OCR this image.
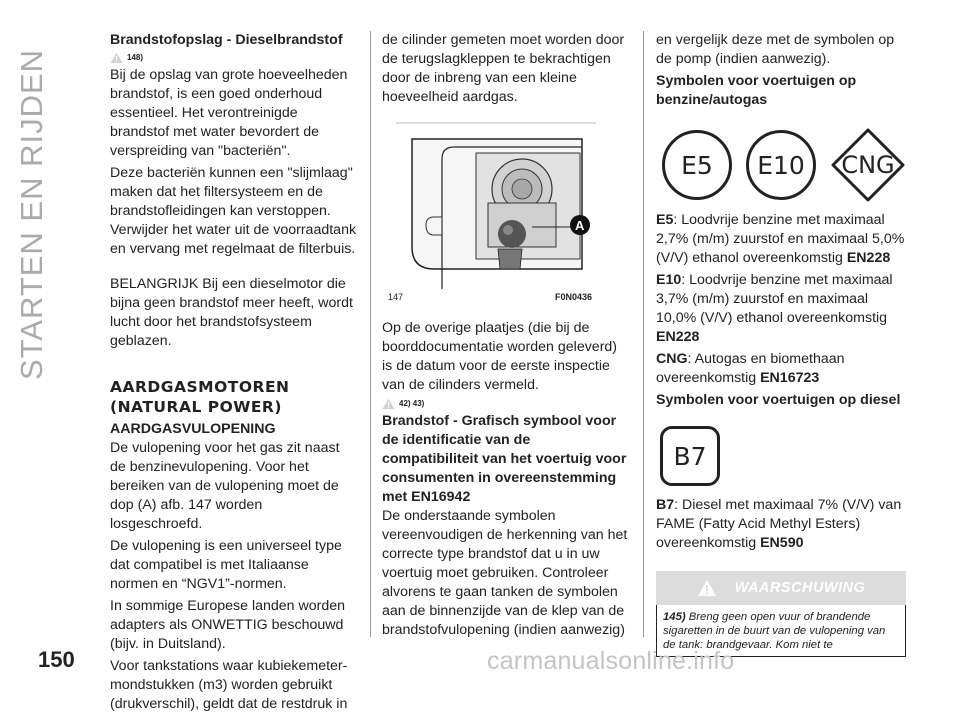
STARTEN EN RIJDEN

Brandstofopslag - Dieselbrandstof

148)

Bij de opslag van grote hoeveelheden brandstof, is een goed onderhoud essentieel. Het verontreinigde brandstof met water bevordert de verspreiding van "bacteriën".

Deze bacteriën kunnen een "slijmlaag" maken dat het filtersysteem en de brandstofleidingen kan verstoppen. Verwijder het water uit de voorraadtank en vervang met regelmaat de filterbuis.

BELANGRIJK Bij een dieselmotor die bijna geen brandstof meer heeft, wordt lucht door het brandstofsysteem geblazen.

AARDGASMOTOREN (NATURAL POWER)

AARDGASVULOPENING

De vulopening voor het gas zit naast de benzinevulopening. Voor het bereiken van de vulopening moet de dop (A) afb. 147 worden losgeschroefd.

De vulopening is een universeel type dat compatibel is met Italiaanse normen en “NGV1”-normen.

In sommige Europese landen worden adapters als ONWETTIG beschouwd (bijv. in Duitsland).

Voor tankstations waar kubiekemeter-mondstukken (m3) worden gebruikt (drukverschil), geldt dat de restdruk in

de cilinder gemeten moet worden door de terugslagkleppen te bekrachtigen door de inbreng van een kleine hoeveelheid aardgas.

A
147	F0N0436

Op de overige plaatjes (die bij de boorddocumentatie worden geleverd) is de datum voor de eerste inspectie van de cilinders vermeld.

42) 43)

Brandstof - Grafisch symbool voor de identificatie van de compatibiliteit van het voertuig voor consumenten in overeenstemming met EN16942

De onderstaande symbolen vereenvoudigen de herkenning van het correcte type brandstof dat u in uw voertuig moet gebruiken. Controleer alvorens te gaan tanken de symbolen aan de binnenzijde van de klep van de brandstofvulopening (indien aanwezig)

en vergelijk deze met de symbolen op de pomp (indien aanwezig).

Symbolen voor voertuigen op benzine/autogas

E5	E10	CNG

E5: Loodvrije benzine met maximaal 2,7% (m/m) zuurstof en maximaal 5,0% (V/V) ethanol overeenkomstig EN228

E10: Loodvrije benzine met maximaal 3,7% (m/m) zuurstof en maximaal 10,0% (V/V) ethanol overeenkomstig EN228

CNG: Autogas en biomethaan overeenkomstig EN16723

Symbolen voor voertuigen op diesel

B7

B7: Diesel met maximaal 7% (V/V) van FAME (Fatty Acid Methyl Esters) overeenkomstig EN590

WAARSCHUWING
145) Breng geen open vuur of brandende sigaretten in de buurt van de vulopening van de tank: brandgevaar. Kom niet te
150	carmanualsonline.info
